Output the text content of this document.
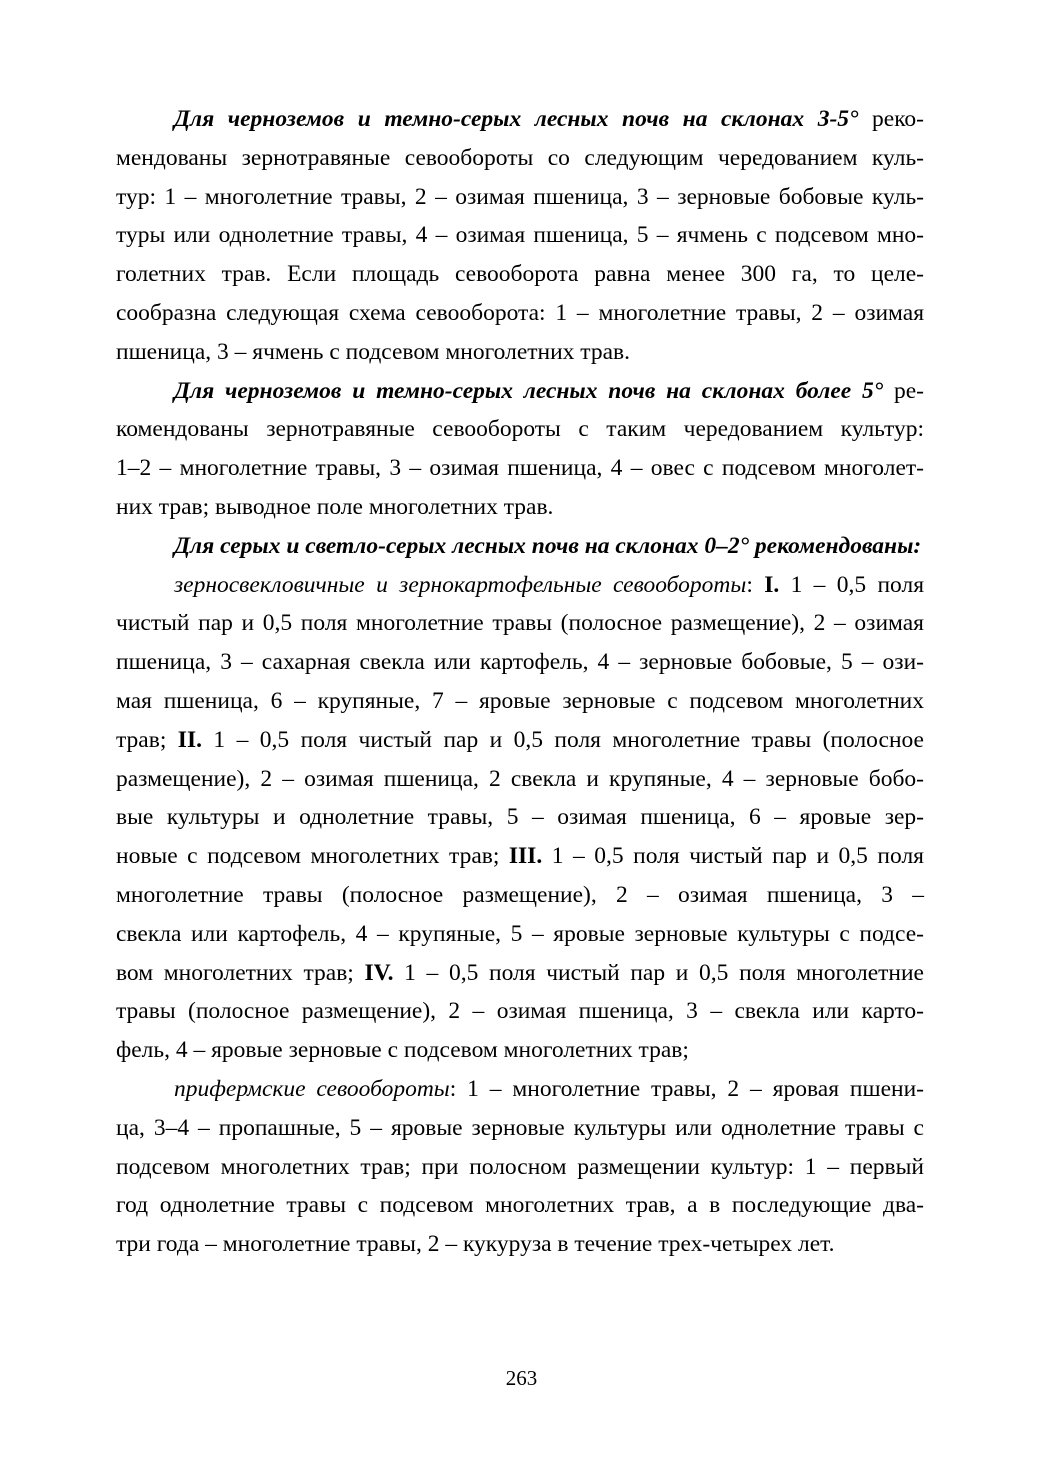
Для черноземов и темно-серых лесных почв на склонах 3-5° реко-
мендованы зернотравяные севообороты со следующим чередованием куль-
тур: 1 – многолетние травы, 2 – озимая пшеница, 3 – зерновые бобовые куль-
туры или однолетние травы, 4 – озимая пшеница, 5 – ячмень с подсевом мно-
голетних трав. Если площадь севооборота равна менее 300 га, то целе-
сообразна следующая схема севооборота: 1 – многолетние травы, 2 – озимая
пшеница, 3 – ячмень с подсевом многолетних трав.
Для черноземов и темно-серых лесных почв на склонах более 5° ре-
комендованы зернотравяные севообороты с таким чередованием культур:
1–2 – многолетние травы, 3 – озимая пшеница, 4 – овес с подсевом многолет-
них трав; выводное поле многолетних трав.
Для серых и светло-серых лесных почв на склонах 0–2° рекомендованы:
зерносвекловичные и зернокартофельные севообороты: I. 1 – 0,5 поля
чистый пар и 0,5 поля многолетние травы (полосное размещение), 2 – озимая
пшеница, 3 – сахарная свекла или картофель, 4 – зерновые бобовые, 5 – ози-
мая пшеница, 6 – крупяные, 7 – яровые зерновые с подсевом многолетних
трав; II. 1 – 0,5 поля чистый пар и 0,5 поля многолетние травы (полосное
размещение), 2 – озимая пшеница, 2 свекла и крупяные, 4 – зерновые бобо-
вые культуры и однолетние травы, 5 – озимая пшеница, 6 – яровые зер-
новые с подсевом многолетних трав; III. 1 – 0,5 поля чистый пар и 0,5 поля
многолетние травы (полосное размещение), 2 – озимая пшеница, 3 –
свекла или картофель, 4 – крупяные, 5 – яровые зерновые культуры с подсе-
вом многолетних трав; IV. 1 – 0,5 поля чистый пар и 0,5 поля многолетние
травы (полосное размещение), 2 – озимая пшеница, 3 – свекла или карто-
фель, 4 – яровые зерновые с подсевом многолетних трав;
прифермские севообороты: 1 – многолетние травы, 2 – яровая пшени-
ца, 3–4 – пропашные, 5 – яровые зерновые культуры или однолетние травы с
подсевом многолетних трав; при полосном размещении культур: 1 – первый
год однолетние травы с подсевом многолетних трав, а в последующие два-
три года – многолетние травы, 2 – кукуруза в течение трех-четырех лет.
263
